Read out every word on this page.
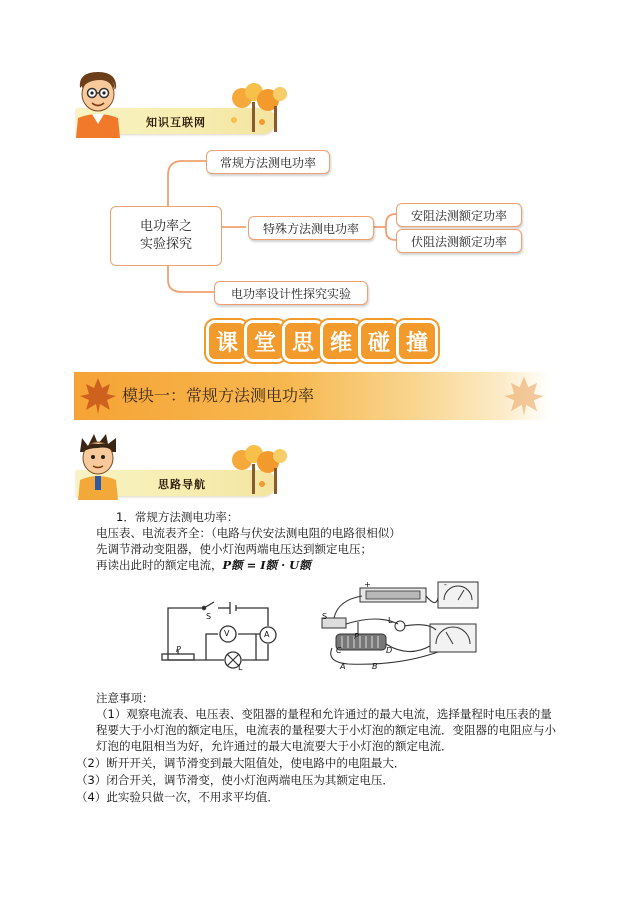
知识互联网
电功率之
实验探究
常规方法测电功率
特殊方法测电功率
电功率设计性探究实验
安阻法测额定功率
伏阻法测额定功率
课 堂 思 维 碰 撞
模块一：常规方法测电功率
思路导航
1．常规方法测电功率：
电压表、电流表齐全：（电路与伏安法测电阻的电路很相似）
先调节滑动变阻器，使小灯泡两端电压达到额定电压；
再读出此时的额定电流，P额 = I额 · U额
S
V	A
P
L
S
P
L
A	B
C	D
+	-
注意事项：
（1）观察电流表、电压表、变阻器的量程和允许通过的最大电流，选择量程时电压表的量
程要大于小灯泡的额定电压，电流表的量程要大于小灯泡的额定电流．变阻器的电阻应与小
灯泡的电阻相当为好，允许通过的最大电流要大于小灯泡的额定电流．
（2）断开开关，调节滑变到最大阻值处，使电路中的电阻最大．
（3）闭合开关，调节滑变，使小灯泡两端电压为其额定电压．
（4）此实验只做一次，不用求平均值．
